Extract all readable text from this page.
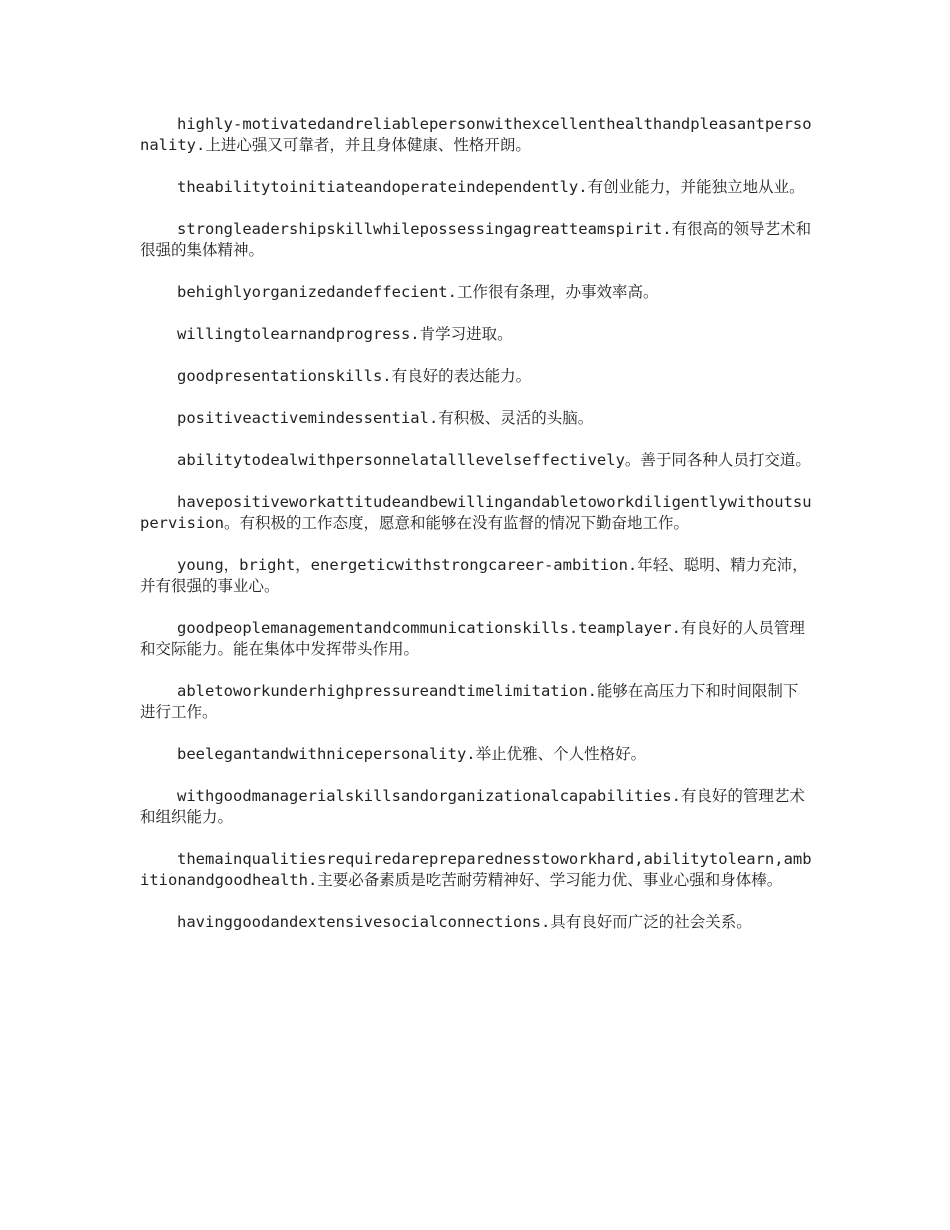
highly-motivatedandreliablepersonwithexcellenthealthandpleasantpersonality.上进心强又可靠者，并且身体健康、性格开朗。

theabilitytoinitiateandoperateindependently.有创业能力，并能独立地从业。

strongleadershipskillwhilepossessingagreatteamspirit.有很高的领导艺术和很强的集体精神。

behighlyorganizedandeffecient.工作很有条理，办事效率高。

willingtolearnandprogress.肯学习进取。

goodpresentationskills.有良好的表达能力。

positiveactivemindessential.有积极、灵活的头脑。

abilitytodealwithpersonnelatalllevelseffectively。善于同各种人员打交道。

havepositiveworkattitudeandbewillingandabletoworkdiligentlywithoutsupervision。有积极的工作态度，愿意和能够在没有监督的情况下勤奋地工作。

young，bright，energeticwithstrongcareer-ambition.年轻、聪明、精力充沛，并有很强的事业心。

goodpeoplemanagementandcommunicationskills.teamplayer.有良好的人员管理和交际能力。能在集体中发挥带头作用。

abletoworkunderhighpressureandtimelimitation.能够在高压力下和时间限制下进行工作。

beelegantandwithnicepersonality.举止优雅、个人性格好。

withgoodmanagerialskillsandorganizationalcapabilities.有良好的管理艺术和组织能力。

themainqualitiesrequiredarepreparednesstoworkhard,abilitytolearn,ambitionandgoodhealth.主要必备素质是吃苦耐劳精神好、学习能力优、事业心强和身体棒。

havinggoodandextensivesocialconnections.具有良好而广泛的社会关系。
